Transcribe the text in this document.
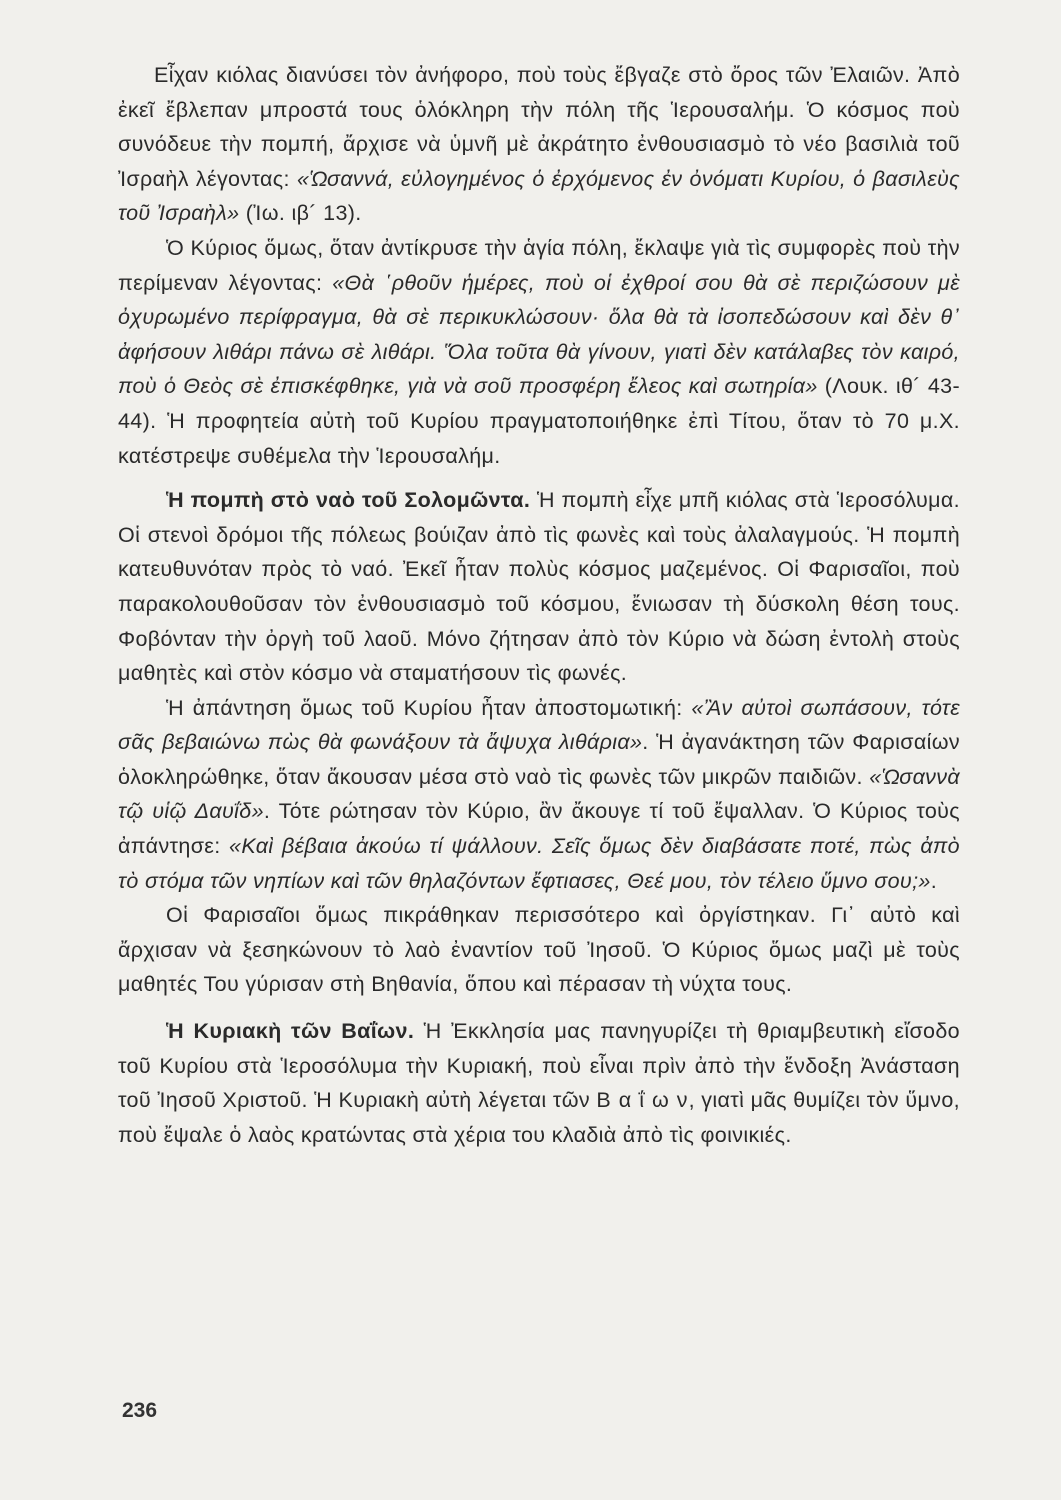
Εἶχαν κιόλας διανύσει τὸν ἀνήφορο, ποὺ τοὺς ἔβγαζε στὸ ὄρος τῶν Ἐλαιῶν. Ἀπὸ ἐκεῖ ἔβλεπαν μπροστά τους ὁλόκληρη τὴν πόλη τῆς Ἱερουσαλήμ. Ὁ κόσμος ποὺ συνόδευε τὴν πομπή, ἄρχισε νὰ ὑμνῆ μὲ ἀκράτητο ἐνθουσιασμὸ τὸ νέο βασιλιὰ τοῦ Ἰσραὴλ λέγοντας: «Ὡσαννά, εὐλογημένος ὁ ἐρχόμενος ἐν ὀνόματι Κυρίου, ὁ βασιλεὺς τοῦ Ἰσραὴλ» (Ἰω. ιβ´ 13).

Ὁ Κύριος ὅμως, ὅταν ἀντίκρυσε τὴν ἁγία πόλη, ἔκλαψε γιὰ τὶς συμφορὲς ποὺ τὴν περίμεναν λέγοντας: «Θὰ ῾ρθοῦν ἡμέρες, ποὺ οἱ ἐχθροί σου θὰ σὲ περιζώσουν μὲ ὀχυρωμένο περίφραγμα, θὰ σὲ περικυκλώσουν· ὅλα θὰ τὰ ἰσοπεδώσουν καὶ δὲν θ᾽ ἀφήσουν λιθάρι πάνω σὲ λιθάρι. Ὅλα τοῦτα θὰ γίνουν, γιατὶ δὲν κατάλαβες τὸν καιρό, ποὺ ὁ Θεὸς σὲ ἐπισκέφθηκε, γιὰ νὰ σοῦ προσφέρη ἔλεος καὶ σωτηρία» (Λουκ. ιθ´ 43-44). Ἡ προφητεία αὐτὴ τοῦ Κυρίου πραγματοποιήθηκε ἐπὶ Τίτου, ὅταν τὸ 70 μ.Χ. κατέστρεψε συθέμελα τὴν Ἱερουσαλήμ.

Ἡ πομπὴ στὸ ναὸ τοῦ Σολομῶντα. Ἡ πομπὴ εἶχε μπῆ κιόλας στὰ Ἱεροσόλυμα. Οἱ στενοὶ δρόμοι τῆς πόλεως βούιζαν ἀπὸ τὶς φωνὲς καὶ τοὺς ἀλαλαγμούς. Ἡ πομπὴ κατευθυνόταν πρὸς τὸ ναό. Ἐκεῖ ἦταν πολὺς κόσμος μαζεμένος. Οἱ Φαρισαῖοι, ποὺ παρακολουθοῦσαν τὸν ἐνθουσιασμὸ τοῦ κόσμου, ἔνιωσαν τὴ δύσκολη θέση τους. Φοβόνταν τὴν ὀργὴ τοῦ λαοῦ. Μόνο ζήτησαν ἀπὸ τὸν Κύριο νὰ δώση ἐντολὴ στοὺς μαθητὲς καὶ στὸν κόσμο νὰ σταματήσουν τὶς φωνές.

Ἡ ἀπάντηση ὅμως τοῦ Κυρίου ἦταν ἀποστομωτική: «Ἂν αὐτοὶ σωπάσουν, τότε σᾶς βεβαιώνω πὼς θὰ φωνάξουν τὰ ἄψυχα λιθάρια». Ἡ ἀγανάκτηση τῶν Φαρισαίων ὁλοκληρώθηκε, ὅταν ἄκουσαν μέσα στὸ ναὸ τὶς φωνὲς τῶν μικρῶν παιδιῶν. «Ὡσαννὰ τῷ υἱῷ Δαυΐδ». Τότε ρώτησαν τὸν Κύριο, ἂν ἄκουγε τί τοῦ ἔψαλλαν. Ὁ Κύριος τοὺς ἀπάντησε: «Καὶ βέβαια ἀκούω τί ψάλλουν. Σεῖς ὅμως δὲν διαβάσατε ποτέ, πὼς ἀπὸ τὸ στόμα τῶν νηπίων καὶ τῶν θηλαζόντων ἔφτιασες, Θεέ μου, τὸν τέλειο ὕμνο σου;».

Οἱ Φαρισαῖοι ὅμως πικράθηκαν περισσότερο καὶ ὀργίστηκαν. Γι᾽ αὐτὸ καὶ ἄρχισαν νὰ ξεσηκώνουν τὸ λαὸ ἐναντίον τοῦ Ἰησοῦ. Ὁ Κύριος ὅμως μαζὶ μὲ τοὺς μαθητές Του γύρισαν στὴ Βηθανία, ὅπου καὶ πέρασαν τὴ νύχτα τους.

Ἡ Κυριακὴ τῶν Βαΐων. Ἡ Ἐκκλησία μας πανηγυρίζει τὴ θριαμβευτικὴ εἴσοδο τοῦ Κυρίου στὰ Ἱεροσόλυμα τὴν Κυριακή, ποὺ εἶναι πρὶν ἀπὸ τὴν ἔνδοξη Ἀνάσταση τοῦ Ἰησοῦ Χριστοῦ. Ἡ Κυριακὴ αὐτὴ λέγεται τῶν Β α ΐ ω ν, γιατὶ μᾶς θυμίζει τὸν ὕμνο, ποὺ ἔψαλε ὁ λαὸς κρατώντας στὰ χέρια του κλαδιὰ ἀπὸ τὶς φοινικιές.

236
